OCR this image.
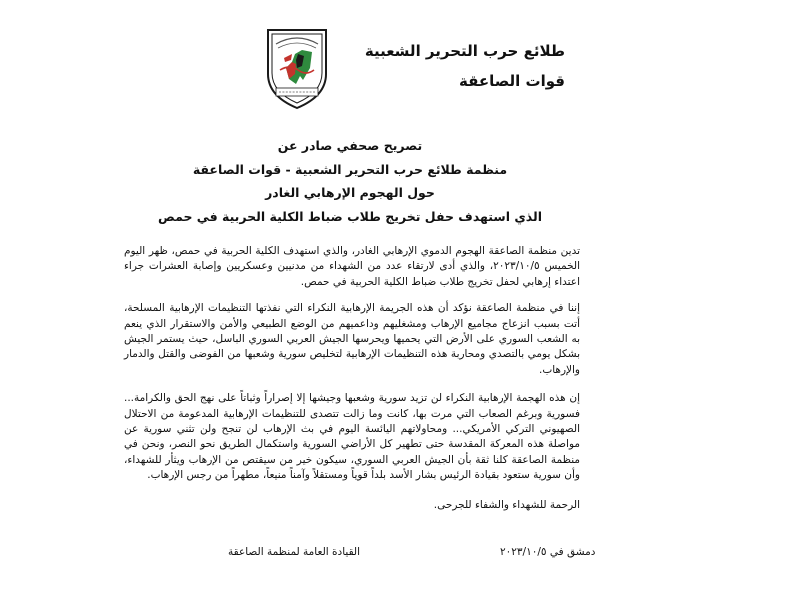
طلائع حرب التحرير الشعبية
قوات الصاعقة
تصريح صحفي صادر عن
منظمة طلائع حرب التحرير الشعبية - قوات الصاعقة
حول الهجوم الإرهابي الغادر
الذي استهدف حفل تخريج طلاب ضباط الكلية الحربية في حمص

تدين منظمة الصاعقة الهجوم الدموي الإرهابي الغادر، والذي استهدف الكلية الحربية في حمص، ظهر اليوم الخميس ٢٠٢٣/١٠/٥، والذي أدى لارتقاء عدد من الشهداء من مدنيين وعسكريين وإصابة العشرات جراء اعتداء إرهابي لحفل تخريج طلاب ضباط الكلية الحربية في حمص.

إننا في منظمة الصاعقة نؤكد أن هذه الجريمة الإرهابية النكراء التي نفذتها التنظيمات الإرهابية المسلحة، أتت بسبب انزعاج مجاميع الإرهاب ومشغليهم وداعميهم من الوضع الطبيعي والأمن والاستقرار الذي ينعم به الشعب السوري على الأرض التي يحميها ويحرسها الجيش العربي السوري الباسل، حيث يستمر الجيش بشكل يومي بالتصدي ومحاربة هذه التنظيمات الإرهابية لتخليص سورية وشعبها من الفوضى والقتل والدمار والإرهاب.

إن هذه الهجمة الإرهابية النكراء لن تزيد سورية وشعبها وجيشها إلا إصراراً وثباتاً على نهج الحق والكرامة... فسورية وبرغم الصعاب التي مرت بها، كانت وما زالت تتصدى للتنظيمات الإرهابية المدعومة من الاحتلال الصهيوني التركي الأمريكي... ومحاولاتهم اليائسة اليوم في بث الإرهاب لن تنجح ولن تثني سورية عن مواصلة هذه المعركة المقدسة حتى تطهير كل الأراضي السورية واستكمال الطريق نحو النصر، ونحن في منظمة الصاعقة كلنا ثقة بأن الجيش العربي السوري، سيكون خير من سيقتص من الإرهاب ويثأر للشهداء، وأن سورية ستعود بقيادة الرئيس بشار الأسد بلداً قوياً ومستقلاً وآمناً منيعاً، مطهراً من رجس الإرهاب.

الرحمة للشهداء والشفاء للجرحى.

دمشق في ٢٠٢٣/١٠/٥
القيادة العامة لمنظمة الصاعقة
